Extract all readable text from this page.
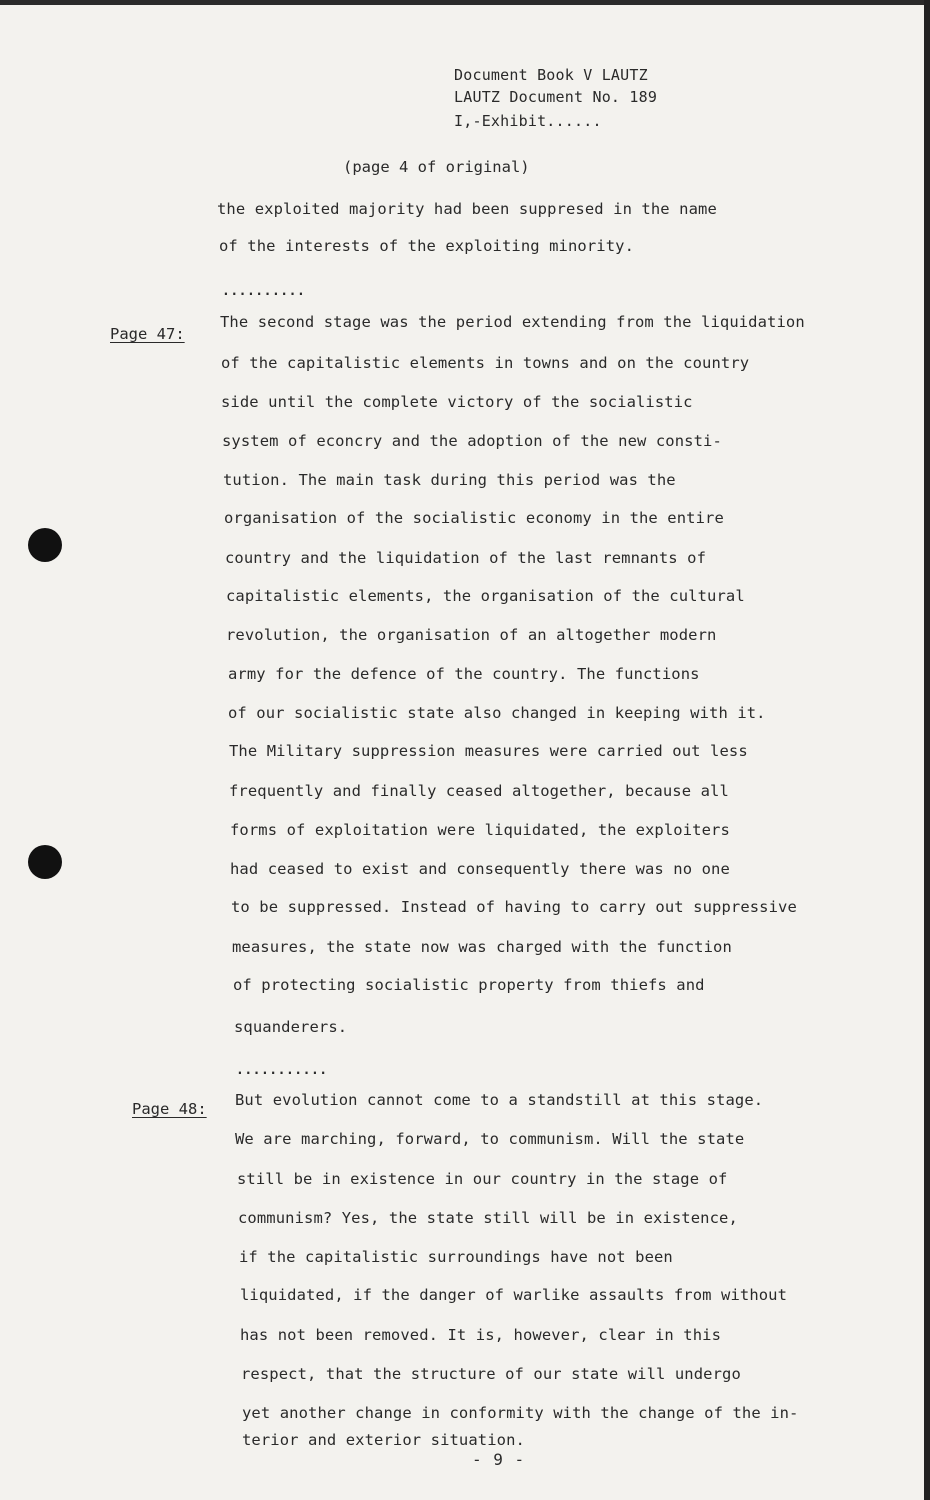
Document Book V LAUTZ
LAUTZ Document No. 189
I,-Exhibit......
(page 4 of original)
the exploited majority had been suppresed in the name
of the interests of the exploiting minority.
..........
Page 47:
The second stage was the period extending from the liquidation
of the capitalistic elements in towns and on the country
side until the complete victory of the socialistic
system of econcry and the adoption of the new consti-
tution. The main task during this period was the
organisation of the socialistic economy in the entire
country and the liquidation of the last remnants of
capitalistic elements, the organisation of the cultural
revolution, the organisation of an altogether modern
army for the defence of the country. The functions
of our socialistic state also changed in keeping with it.
The Military suppression measures were carried out less
frequently and finally ceased altogether, because all
forms of exploitation were liquidated, the exploiters
had ceased to exist and consequently there was no one
to be suppressed. Instead of having to carry out suppressive
measures, the state now was charged with the function
of protecting socialistic property from thiefs and
squanderers.
...........
Page 48: But evolution cannot come to a standstill at this stage.
We are marching, forward, to communism. Will the state
still be in existence in our country in the stage of
communism? Yes, the state still will be in existence,
if the capitalistic surroundings have not been
liquidated, if the danger of warlike assaults from without
has not been removed. It is, however, clear in this
respect, that the structure of our state will undergo
yet another change in conformity with the change of the in-
terior and exterior situation.
- 9 -
